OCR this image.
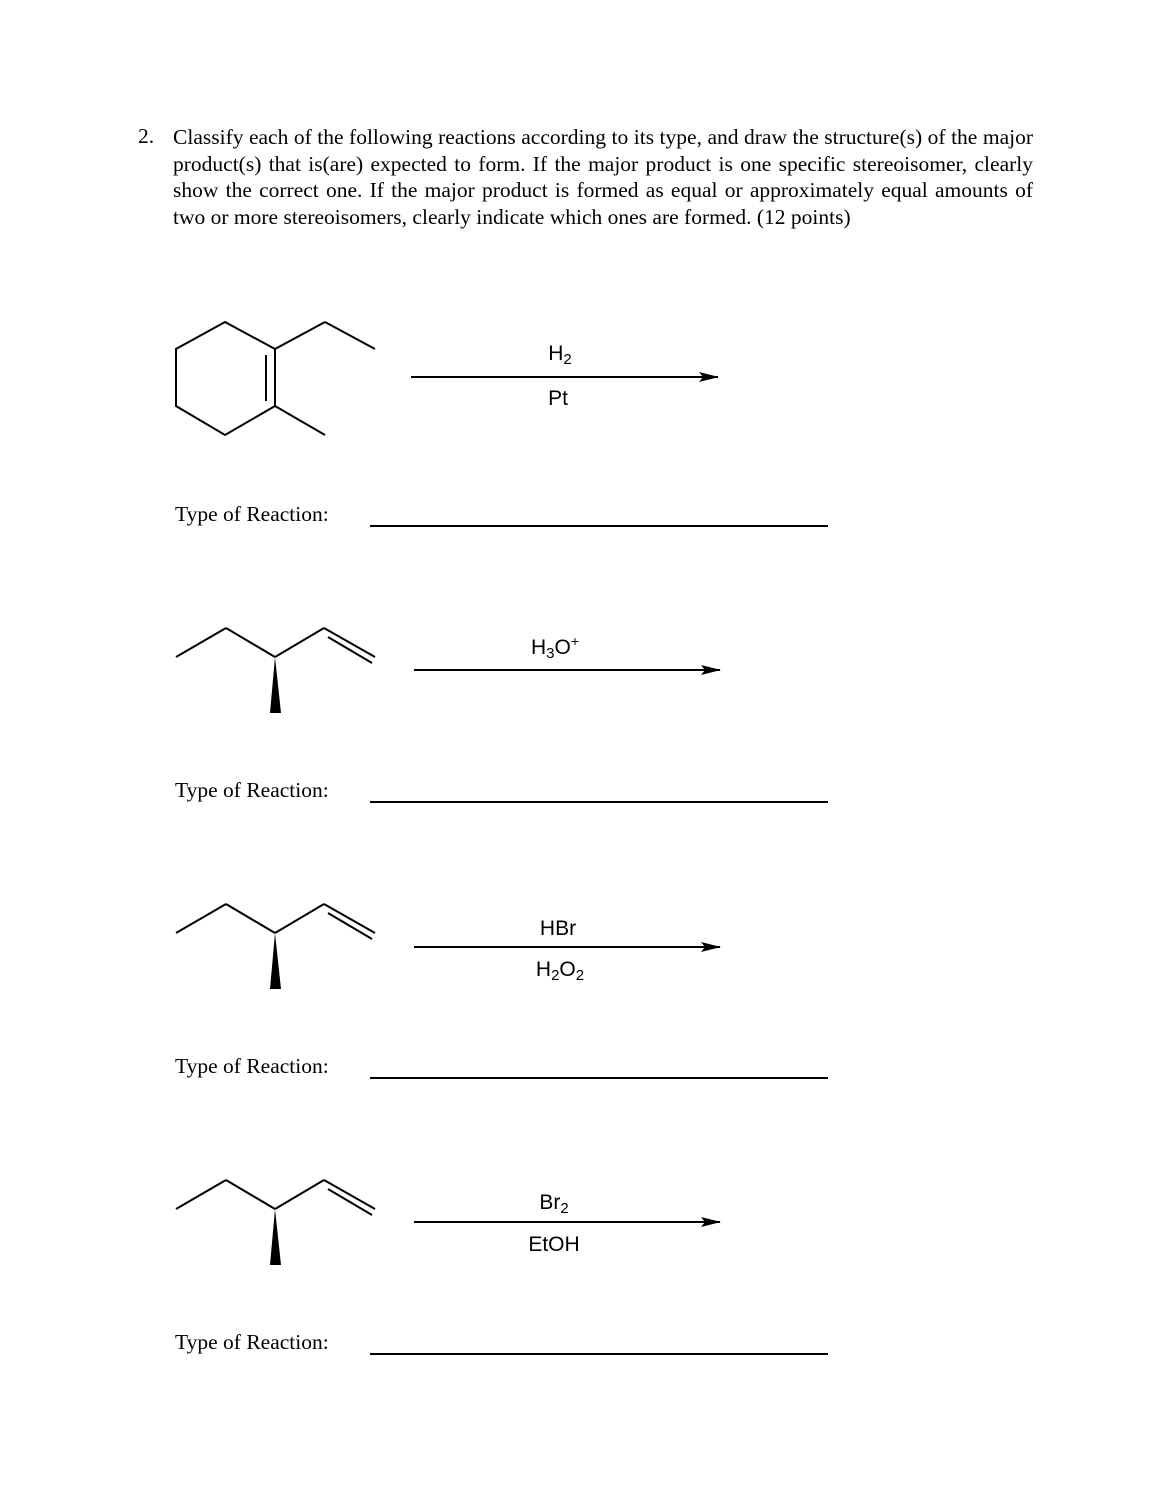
2. Classify each of the following reactions according to its type, and draw the structure(s) of the major product(s) that is(are) expected to form. If the major product is one specific stereoisomer, clearly show the correct one. If the major product is formed as equal or approximately equal amounts of two or more stereoisomers, clearly indicate which ones are formed. (12 points)
$H_2$
Pt
$H_3O^+$
HBr
$H_2O_2$
$Br_2$
EtOH
Type of Reaction:
Type of Reaction:
Type of Reaction:
Type of Reaction:
